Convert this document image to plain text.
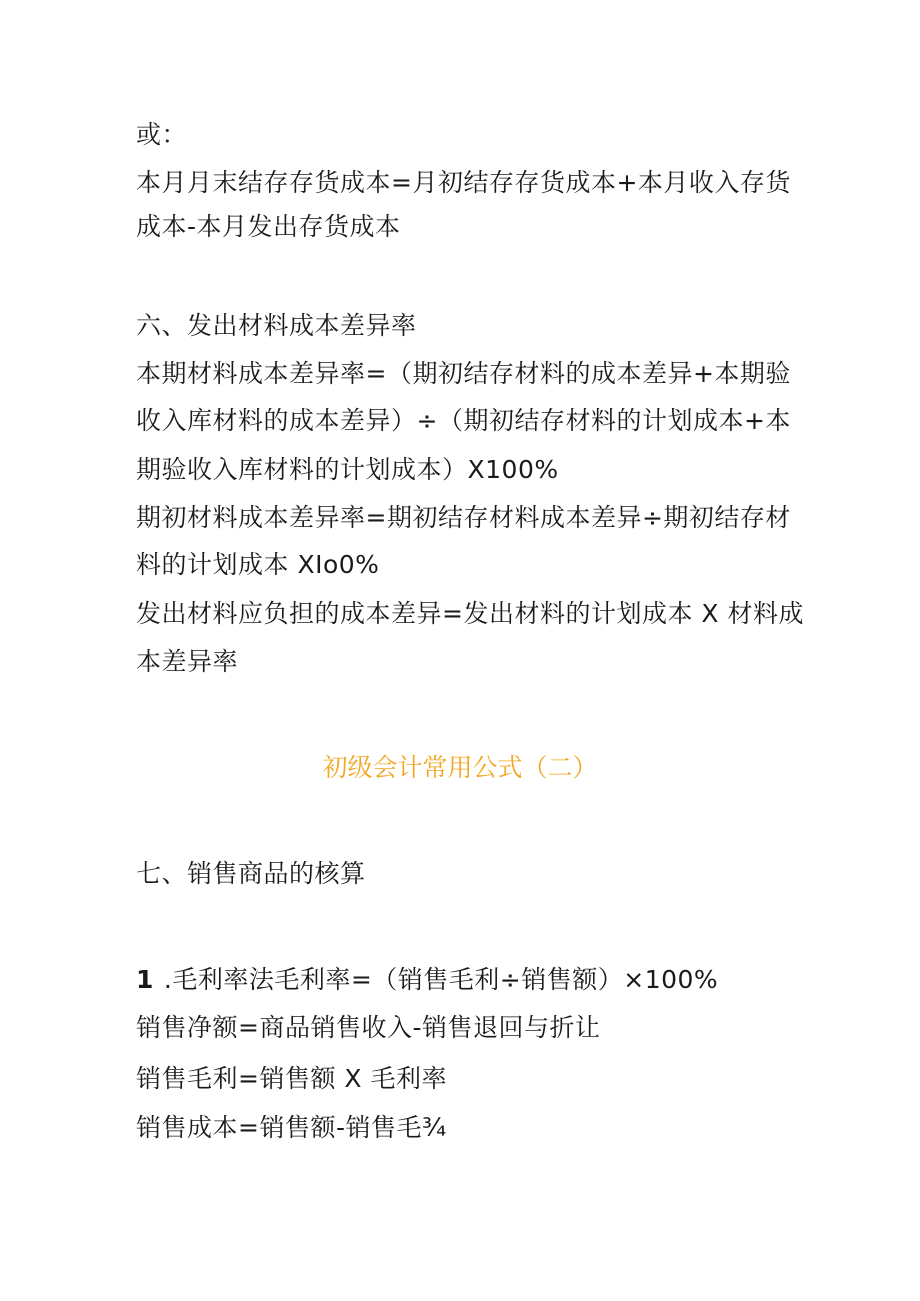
或：
本月月末结存存货成本=月初结存存货成本+本月收入存货
成本-本月发出存货成本
六、发出材料成本差异率
本期材料成本差异率=（期初结存材料的成本差异+本期验
收入库材料的成本差异）÷（期初结存材料的计划成本+本
期验收入库材料的计划成本）X100%
期初材料成本差异率=期初结存材料成本差异÷期初结存材
料的计划成本 XIo0%
发出材料应负担的成本差异=发出材料的计划成本 X 材料成
本差异率
初级会计常用公式（二）
七、销售商品的核算
1 .毛利率法毛利率=（销售毛利÷销售额）×100%
销售净额=商品销售收入-销售退回与折让
销售毛利=销售额 X 毛利率
销售成本=销售额-销售毛¾
